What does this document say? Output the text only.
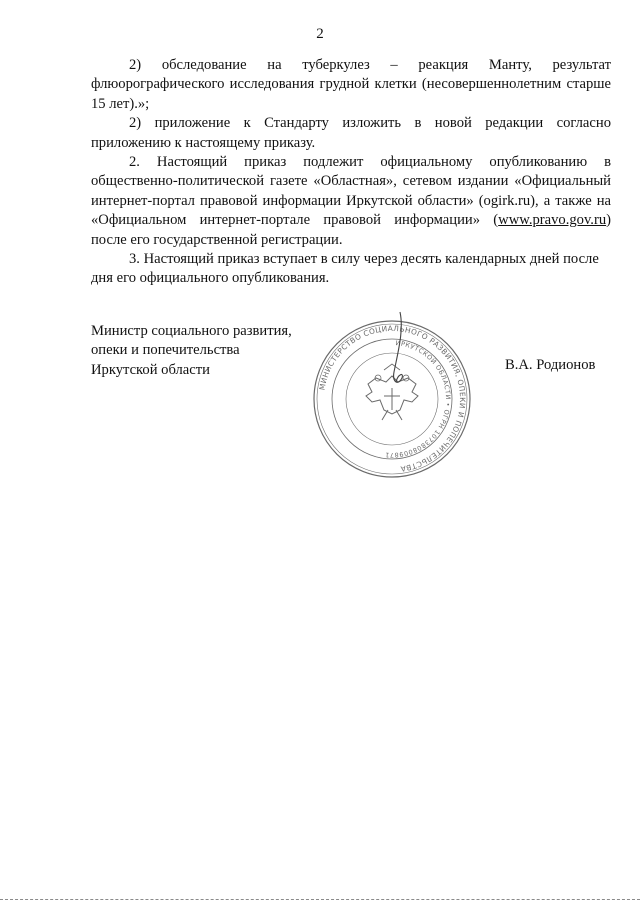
2

2) обследование на туберкулез – реакция Манту, результат флюорографического исследования грудной клетки (несовершеннолетним старше 15 лет).»;

2) приложение к Стандарту изложить в новой редакции согласно приложению к настоящему приказу.

2. Настоящий приказ подлежит официальному опубликованию в общественно-политической газете «Областная», сетевом издании «Официальный интернет-портал правовой информации Иркутской области» (ogirk.ru), а также на «Официальном интернет-портале правовой информации» (www.pravo.gov.ru) после его государственной регистрации.

3. Настоящий приказ вступает в силу через десять календарных дней после дня его официального опубликования.

Министр социального развития,
опеки и попечительства
Иркутской области	В.А. Родионов
МИНИСТЕРСТВО СОЦИАЛЬНОГО РАЗВИТИЯ, ОПЕКИ И ПОПЕЧИТЕЛЬСТВА
ИРКУТСКОЙ ОБЛАСТИ • ОГРН 1073808009871
